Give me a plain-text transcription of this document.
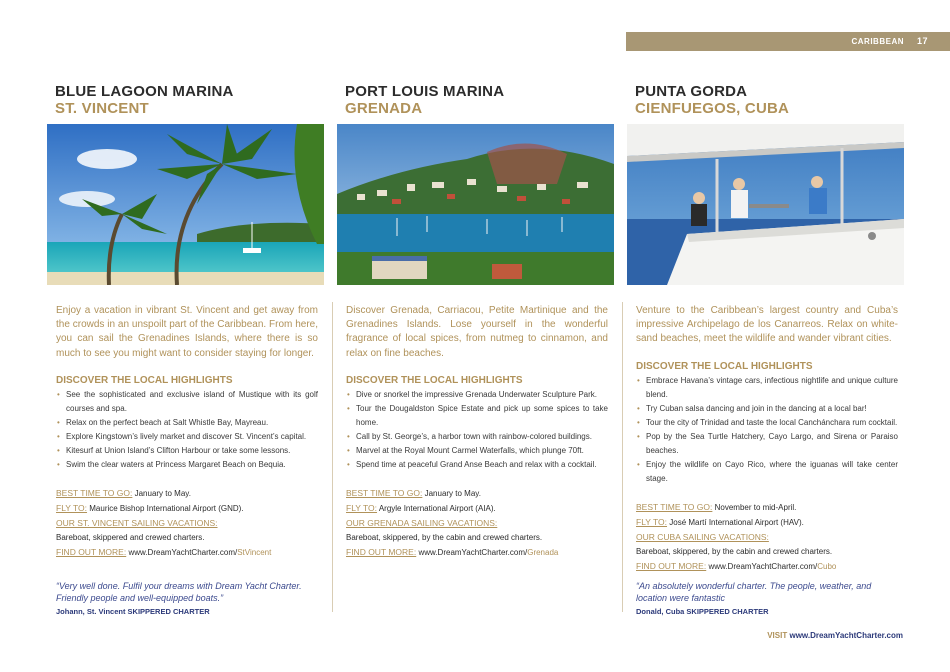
CARIBBEAN 17
BLUE LAGOON MARINA
ST. VINCENT

Enjoy a vacation in vibrant St. Vincent and get away from the crowds in an unspoilt part of the Caribbean. From here, you can sail the Grenadines Islands, where there is so much to see you might want to consider staying for longer.

DISCOVER THE LOCAL HIGHLIGHTS
• See the sophisticated and exclusive island of Mustique with its golf courses and spa.
• Relax on the perfect beach at Salt Whistle Bay, Mayreau.
• Explore Kingstown’s lively market and discover St. Vincent’s capital.
• Kitesurf at Union Island’s Clifton Harbour or take some lessons.
• Swim the clear waters at Princess Margaret Beach on Bequia.
BEST TIME TO GO: January to May.
FLY TO: Maurice Bishop International Airport (GND).
OUR ST. VINCENT SAILING VACATIONS:
Bareboat, skippered and crewed charters.
FIND OUT MORE: www.DreamYachtCharter.com/StVincent
“Very well done. Fulfil your dreams with Dream Yacht Charter. Friendly people and well-equipped boats.”
Johann, St. Vincent SKIPPERED CHARTER
PORT LOUIS MARINA
GRENADA

Discover Grenada, Carriacou, Petite Martinique and the Grenadines Islands. Lose yourself in the wonderful fragrance of local spices, from nutmeg to cinnamon, and relax on fine beaches.

DISCOVER THE LOCAL HIGHLIGHTS
• Dive or snorkel the impressive Grenada Underwater Sculpture Park.
• Tour the Dougaldston Spice Estate and pick up some spices to take home.
• Call by St. George’s, a harbor town with rainbow-colored buildings.
• Marvel at the Royal Mount Carmel Waterfalls, which plunge 70ft.
• Spend time at peaceful Grand Anse Beach and relax with a cocktail.
BEST TIME TO GO: January to May.
FLY TO: Argyle International Airport (AIA).
OUR GRENADA SAILING VACATIONS:
Bareboat, skippered, by the cabin and crewed charters.
FIND OUT MORE: www.DreamYachtCharter.com/Grenada
PUNTA GORDA
CIENFUEGOS, CUBA

Venture to the Caribbean’s largest country and Cuba’s impressive Archipelago de los Canarreos. Relax on white-sand beaches, meet the wildlife and wander vibrant cities.

DISCOVER THE LOCAL HIGHLIGHTS
• Embrace Havana’s vintage cars, infectious nightlife and unique culture blend.
• Try Cuban salsa dancing and join in the dancing at a local bar!
• Tour the city of Trinidad and taste the local Canchánchara rum cocktail.
• Pop by the Sea Turtle Hatchery, Cayo Largo, and Sirena or Paraiso beaches.
• Enjoy the wildlife on Cayo Rico, where the iguanas will take center stage.
BEST TIME TO GO: November to mid-April.
FLY TO: José Martí International Airport (HAV).
OUR CUBA SAILING VACATIONS:
Bareboat, skippered, by the cabin and crewed charters.
FIND OUT MORE: www.DreamYachtCharter.com/Cubo
“An absolutely wonderful charter. The people, weather, and location were fantastic
Donald, Cuba SKIPPERED CHARTER
VISIT www.DreamYachtCharter.com
